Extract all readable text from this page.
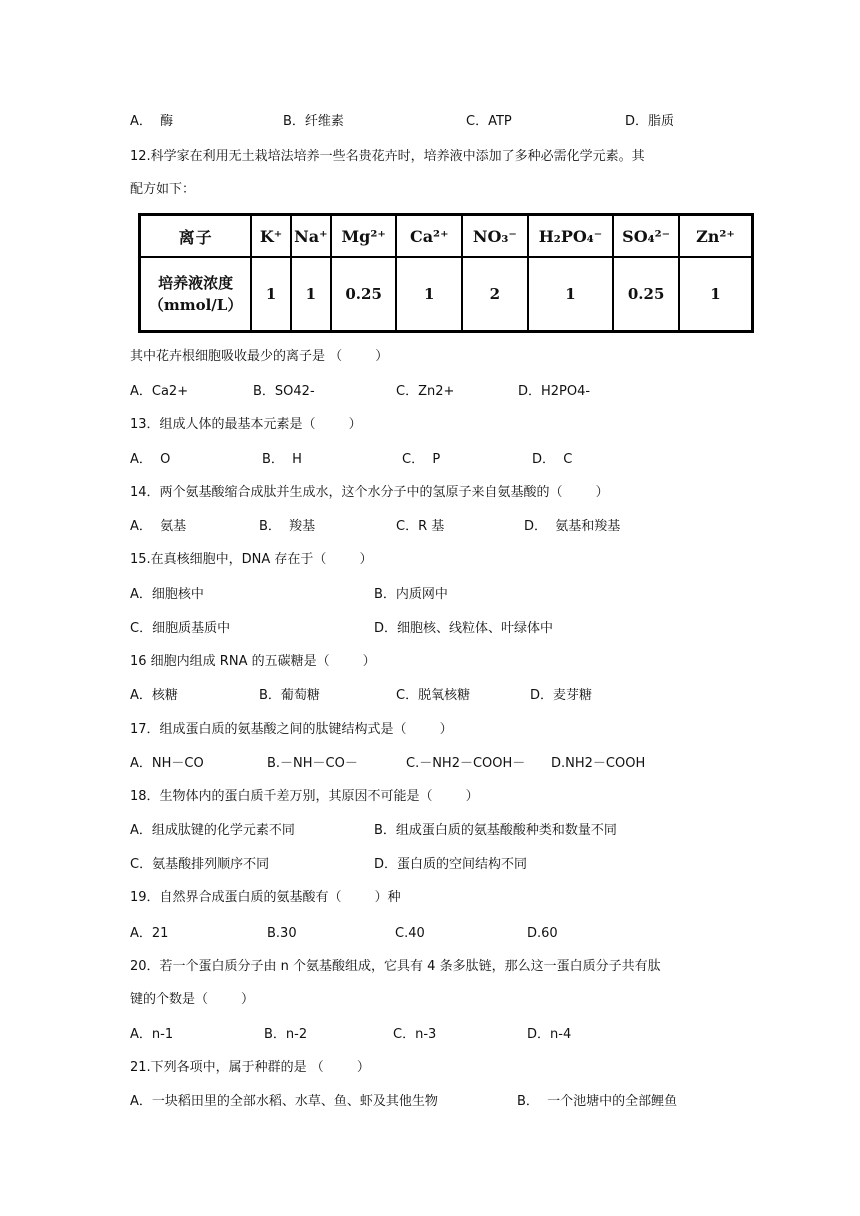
A．  酶	B．纤维素	C．ATP	D．脂质
12.科学家在利用无土栽培法培养一些名贵花卉时，培养液中添加了多种必需化学元素。其
配方如下：
离子	K⁺	Na⁺	Mg²⁺	Ca²⁺	NO₃⁻	H₂PO₄⁻	SO₄²⁻	Zn²⁺

培养液浓度
（mmol/L）	1	1	0.25	1	2	1	0.25	1
其中花卉根细胞吸收最少的离子是 （        ）
A．Ca2+	B．SO42-	C．Zn2+	D．H2PO4-
13．组成人体的最基本元素是（        ）
A．  O	B．  H	C．  P	D．  C
14．两个氨基酸缩合成肽并生成水，这个水分子中的氢原子来自氨基酸的（        ）
A．  氨基	B．  羧基	C．R 基	D．  氨基和羧基
15.在真核细胞中，DNA 存在于（        ）
A．细胞核中	B．内质网中
C．细胞质基质中	D．细胞核、线粒体、叶绿体中
16 细胞内组成 RNA 的五碳糖是（        ）
A．核糖	B．葡萄糖	C．脱氧核糖	D．麦芽糖
17．组成蛋白质的氨基酸之间的肽键结构式是（        ）
A．NH－CO	B.－NH－CO－	C.－NH2－COOH－ D.NH2－COOH
18．生物体内的蛋白质千差万别，其原因不可能是（        ）
A．组成肽键的化学元素不同	B．组成蛋白质的氨基酸酸种类和数量不同
C．氨基酸排列顺序不同	D．蛋白质的空间结构不同
19．自然界合成蛋白质的氨基酸有（        ）种
A．21	B.30	C.40	D.60
20．若一个蛋白质分子由 n 个氨基酸组成，它具有 4 条多肽链，那么这一蛋白质分子共有肽
键的个数是（        ）
A．n-1	B．n-2	C．n-3	D．n-4
21.下列各项中，属于种群的是 （        ）
A．一块稻田里的全部水稻、水草、鱼、虾及其他生物	B．  一个池塘中的全部鲤鱼
